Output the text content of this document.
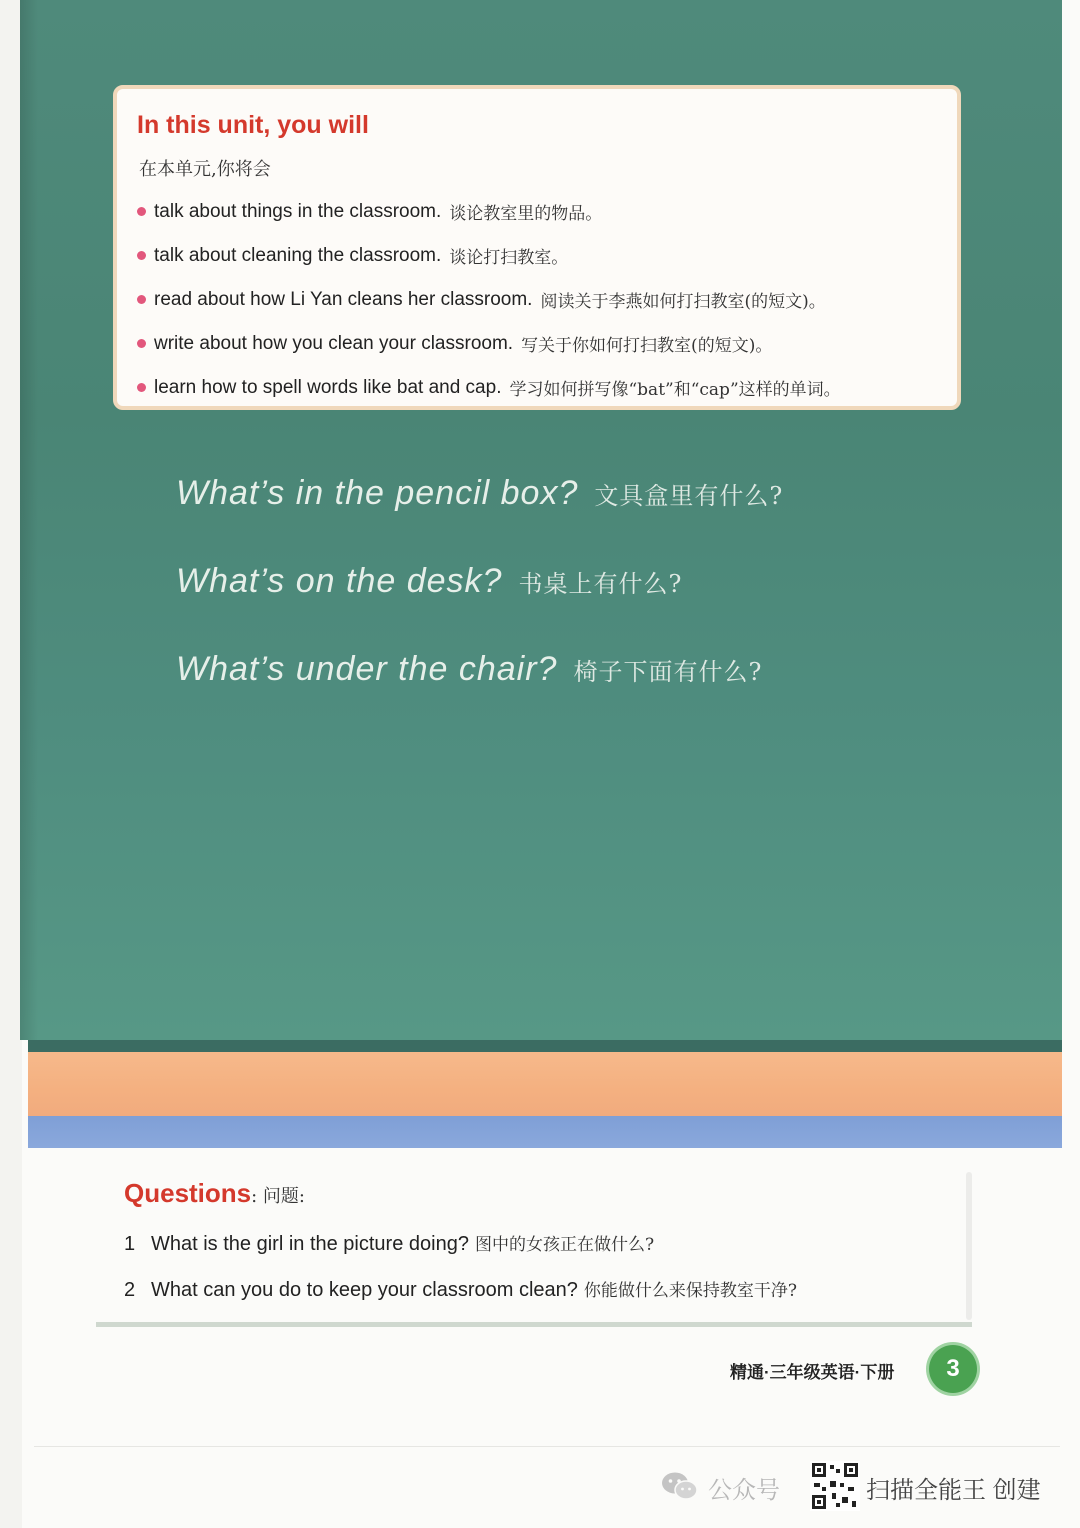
In this unit, you will
在本单元,你将会
talk about things in the classroom. 谈论教室里的物品。
talk about cleaning the classroom. 谈论打扫教室。
read about how Li Yan cleans her classroom. 阅读关于李燕如何打扫教室(的短文)。
write about how you clean your classroom. 写关于你如何打扫教室(的短文)。
learn how to spell words like bat and cap. 学习如何拼写像“bat”和“cap”这样的单词。
What’s in the pencil box? 文具盒里有什么?
What’s on the desk? 书桌上有什么?
What’s under the chair? 椅子下面有什么?
Questions: 问题:
1 What is the girl in the picture doing? 图中的女孩正在做什么?
2 What can you do to keep your classroom clean? 你能做什么来保持教室干净?
精通·三年级英语·下册	3
公众号	扫描全能王 创建
